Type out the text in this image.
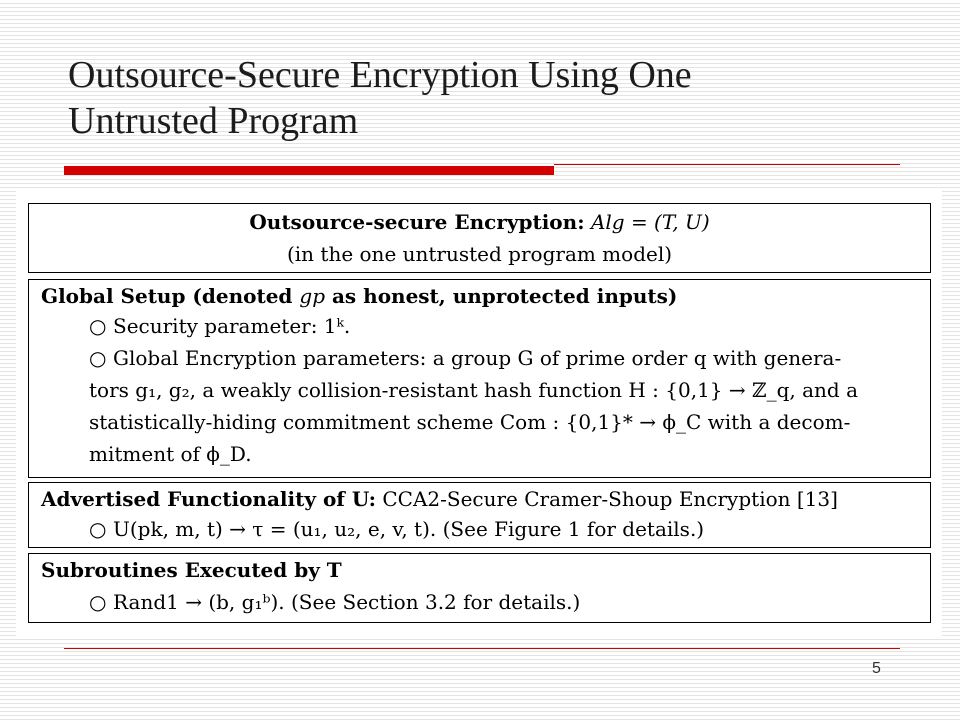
Outsource-Secure Encryption Using One
Untrusted Program
Outsource-secure Encryption: Alg = (T, U)
(in the one untrusted program model)
Global Setup (denoted gp as honest, unprotected inputs)
○ Security parameter: 1ᵏ.
○ Global Encryption parameters: a group G of prime order q with genera-
tors g₁, g₂, a weakly collision-resistant hash function H : {0,1} → ℤ_q, and a
statistically-hiding commitment scheme Com : {0,1}* → ϕ_C with a decom-
mitment of ϕ_D.
Advertised Functionality of U: CCA2-Secure Cramer-Shoup Encryption [13]
○ U(pk, m, t) → τ = (u₁, u₂, e, v, t). (See Figure 1 for details.)
Subroutines Executed by T
○ Rand1 → (b, g₁ᵇ). (See Section 3.2 for details.)
5
